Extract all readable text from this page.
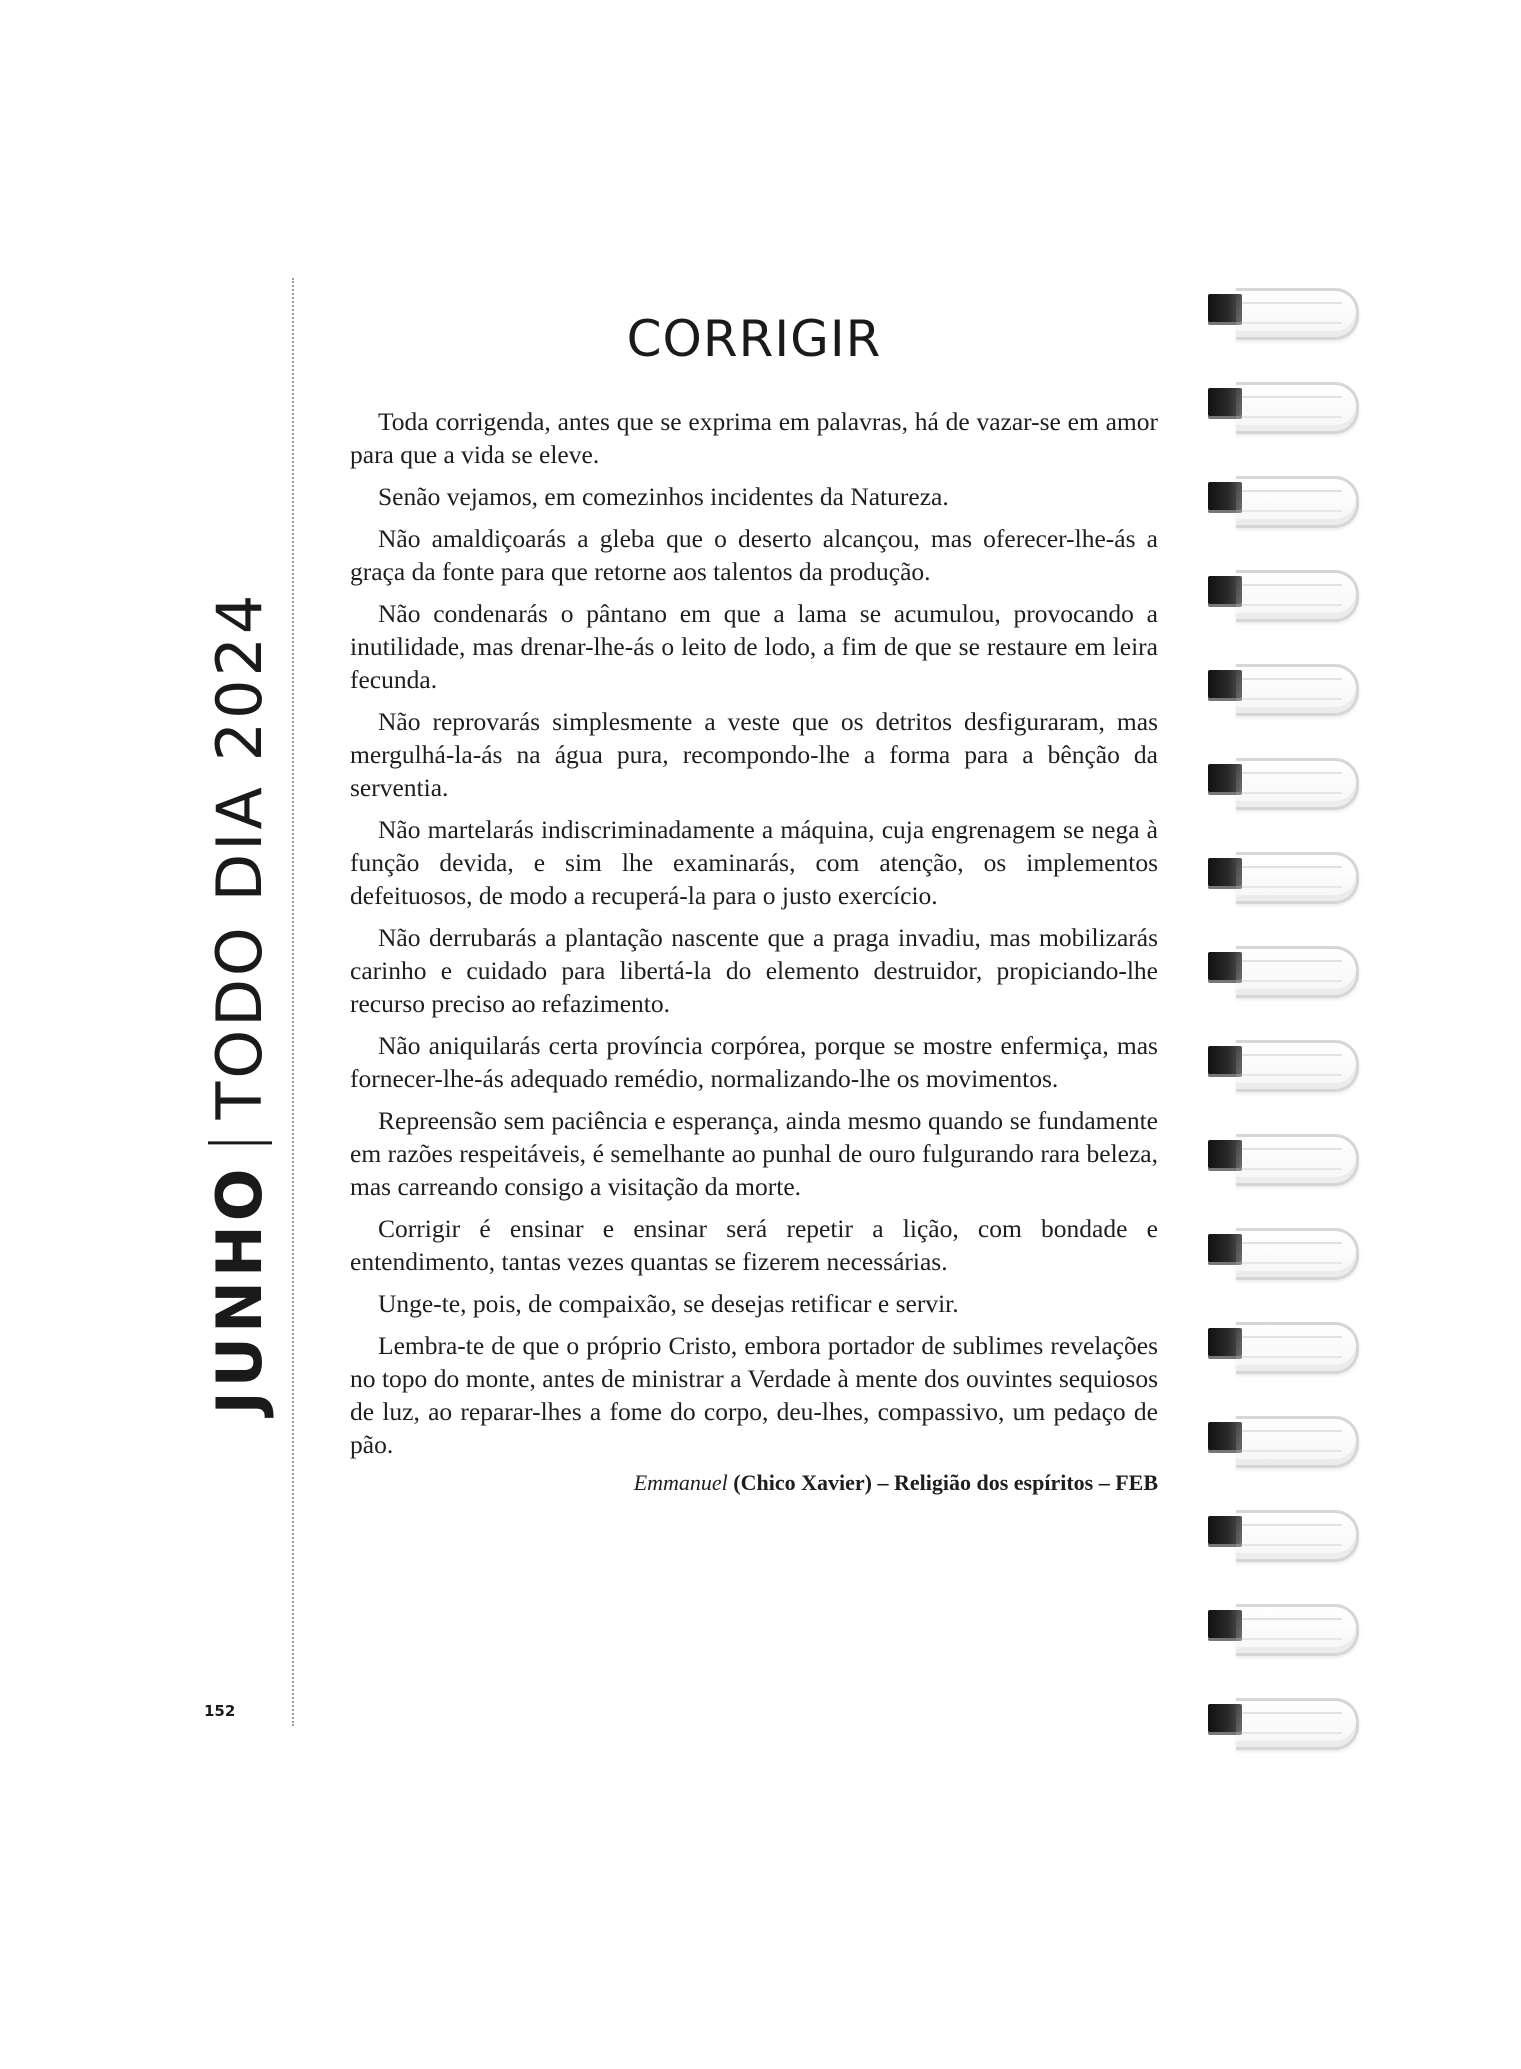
JUNHO
TODO DIA 2024
152
CORRIGIR

Toda corrigenda, antes que se exprima em palavras, há de vazar-se em amor para que a vida se eleve.

Senão vejamos, em comezinhos incidentes da Natureza.

Não amaldiçoarás a gleba que o deserto alcançou, mas oferecer-lhe-ás a graça da fonte para que retorne aos talentos da produção.

Não condenarás o pântano em que a lama se acumulou, provocando a inutilidade, mas drenar-lhe-ás o leito de lodo, a fim de que se restaure em leira fecunda.

Não reprovarás simplesmente a veste que os detritos desfiguraram, mas mergulhá-la-ás na água pura, recompondo-lhe a forma para a bênção da serventia.

Não martelarás indiscriminadamente a máquina, cuja engrenagem se nega à função devida, e sim lhe examinarás, com atenção, os implementos defeituosos, de modo a recuperá-la para o justo exercício.

Não derrubarás a plantação nascente que a praga invadiu, mas mobilizarás carinho e cuidado para libertá-la do elemento destruidor, propiciando-lhe recurso preciso ao refazimento.

Não aniquilarás certa província corpórea, porque se mostre enfermiça, mas fornecer-lhe-ás adequado remédio, normalizando-lhe os movimentos.

Repreensão sem paciência e esperança, ainda mesmo quando se fundamente em razões respeitáveis, é semelhante ao punhal de ouro fulgurando rara beleza, mas carreando consigo a visitação da morte.

Corrigir é ensinar e ensinar será repetir a lição, com bondade e entendimento, tantas vezes quantas se fizerem necessárias.

Unge-te, pois, de compaixão, se desejas retificar e servir.

Lembra-te de que o próprio Cristo, embora portador de sublimes revelações no topo do monte, antes de ministrar a Verdade à mente dos ouvintes sequiosos de luz, ao reparar-lhes a fome do corpo, deu-lhes, compassivo, um pedaço de pão.

Emmanuel (Chico Xavier) – Religião dos espíritos – FEB
